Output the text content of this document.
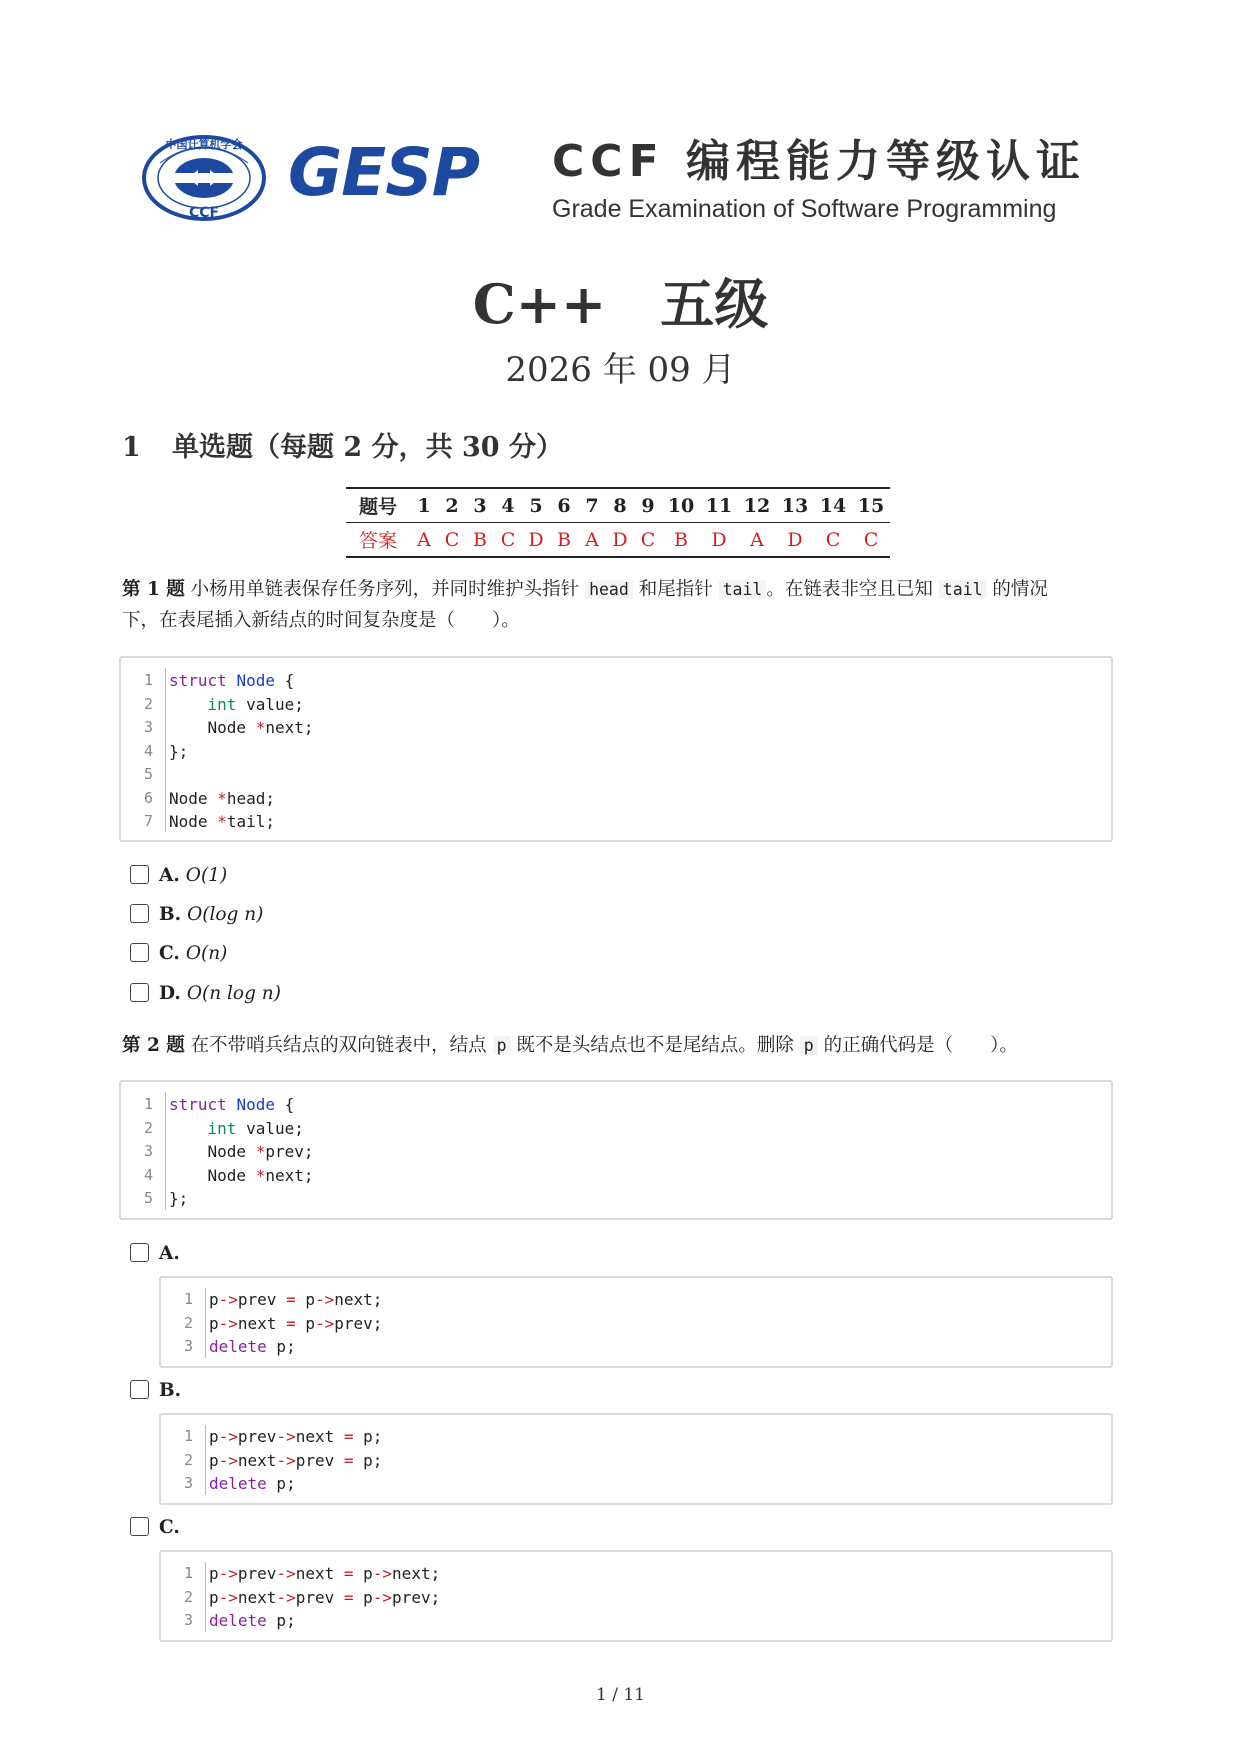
中国计算机学会
CCF
GESP CCF 编程能力等级认证
Grade Examination of Software Programming
C++　五级
2026 年 09 月
1 单选题（每题 2 分，共 30 分）
题号	1	2	3	4	5	6	7	8	9	10	11	12	13	14	15
答案	A	C	B	C	D	B	A	D	C	B	D	A	D	C	C
第 1 题 小杨用单链表保存任务序列，并同时维护头指针 head 和尾指针 tail 。在链表非空且已知 tail 的情况
下，在表尾插入新结点的时间复杂度是（　　）。
1 struct Node {
2	int value;
3 Node *next;
4 };
5
6 Node *head;
7 Node *tail;
A. O(1)
B. O(log n)
C. O(n)
D. O(n log n)
第 2 题 在不带哨兵结点的双向链表中，结点 p 既不是头结点也不是尾结点。删除 p 的正确代码是（　　）。
1 struct Node {
2	int value;
3 Node *prev;
4 Node *next;
5 };
A.
1 p->prev = p->next;
2 p->next = p->prev;
3 delete p;
B.
1 p->prev->next = p;
2 p->next->prev = p;
3 delete p;
C.
1 p->prev->next = p->next;
2 p->next->prev = p->prev;
3 delete p;
1 / 11
